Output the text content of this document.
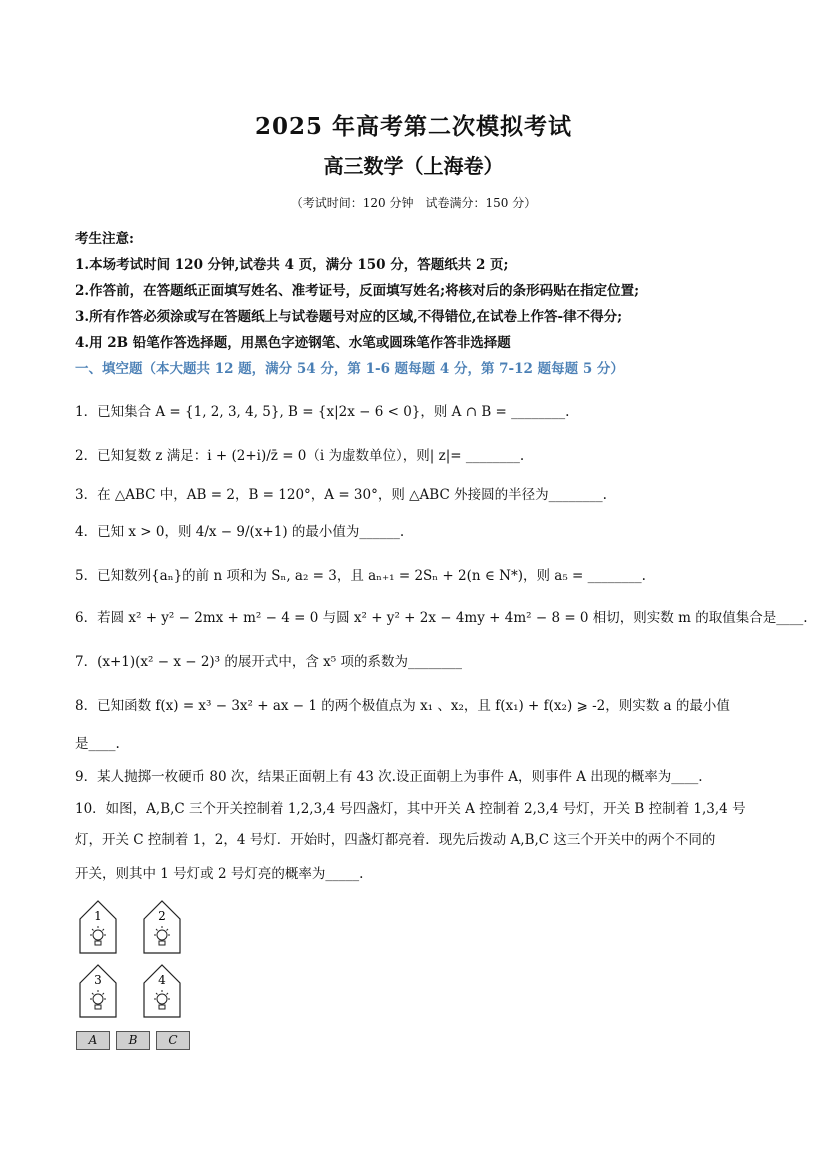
2025 年高考第二次模拟考试
高三数学（上海卷）
（考试时间：120 分钟　试卷满分：150 分）
考生注意:
1.本场考试时间 120 分钟,试卷共 4 页，满分 150 分，答题纸共 2 页;
2.作答前，在答题纸正面填写姓名、准考证号，反面填写姓名;将核对后的条形码贴在指定位置;
3.所有作答必须涂或写在答题纸上与试卷题号对应的区域,不得错位,在试卷上作答-律不得分;
4.用 2B 铅笔作答选择题，用黑色字迹钢笔、水笔或圆珠笔作答非选择题
一、填空题（本大题共 12 题，满分 54 分，第 1-6 题每题 4 分，第 7-12 题每题 5 分）
1．已知集合 A = {1, 2, 3, 4, 5}, B = {x|2x − 6 < 0}，则 A ∩ B = ________.
2．已知复数 z 满足：i + (2+i)/z̄ = 0（i 为虚数单位），则| z|= ________.
3．在 △ABC 中，AB = 2，B = 120°，A = 30°，则 △ABC 外接圆的半径为________.
4．已知 x > 0，则 4/x − 9/(x+1) 的最小值为______.
5．已知数列{aₙ}的前 n 项和为 Sₙ, a₂ = 3，且 aₙ₊₁ = 2Sₙ + 2(n ∈ N*)，则 a₅ = ________.
6．若圆 x² + y² − 2mx + m² − 4 = 0 与圆 x² + y² + 2x − 4my + 4m² − 8 = 0 相切，则实数 m 的取值集合是____.
7．(x+1)(x² − x − 2)³ 的展开式中，含 x⁵ 项的系数为________
8．已知函数 f(x) = x³ − 3x² + ax − 1 的两个极值点为 x₁ 、x₂，且 f(x₁) + f(x₂) ⩾ -2，则实数 a 的最小值
是____.
9．某人抛掷一枚硬币 80 次，结果正面朝上有 43 次.设正面朝上为事件 A，则事件 A 出现的概率为____.
10．如图，A,B,C 三个开关控制着 1,2,3,4 号四盏灯，其中开关 A 控制着 2,3,4 号灯，开关 B 控制着 1,3,4 号
灯，开关 C 控制着 1，2，4 号灯．开始时，四盏灯都亮着．现先后拨动 A,B,C 这三个开关中的两个不同的
开关，则其中 1 号灯或 2 号灯亮的概率为_____.
1	2
3	4
A	B	C
